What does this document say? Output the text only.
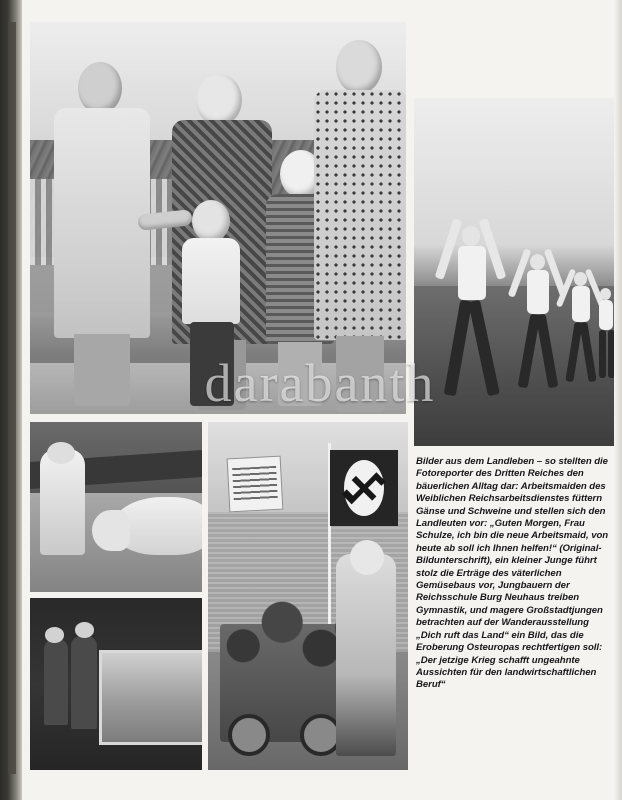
Bilder aus dem Landleben – so stellten die Fotoreporter des Dritten Reiches den bäuerlichen Alltag dar: Arbeitsmaiden des Weiblichen Reichsarbeitsdienstes füttern Gänse und Schweine und stellen sich den Landleuten vor: „Guten Morgen, Frau Schulze, ich bin die neue Arbeitsmaid, von heute ab soll ich Ihnen helfen!“ (Original-Bildunterschrift), ein kleiner Junge führt stolz die Erträge des väterlichen Gemüsebaus vor, Jungbauern der Reichsschule Burg Neuhaus treiben Gymnastik, und magere Großstadtjungen betrachten auf der Wanderausstellung „Dich ruft das Land“ ein Bild, das die Eroberung Osteuropas rechtfertigen soll: „Der jetzige Krieg schafft ungeahnte Aussichten für den landwirtschaftlichen Beruf“
darabanth
